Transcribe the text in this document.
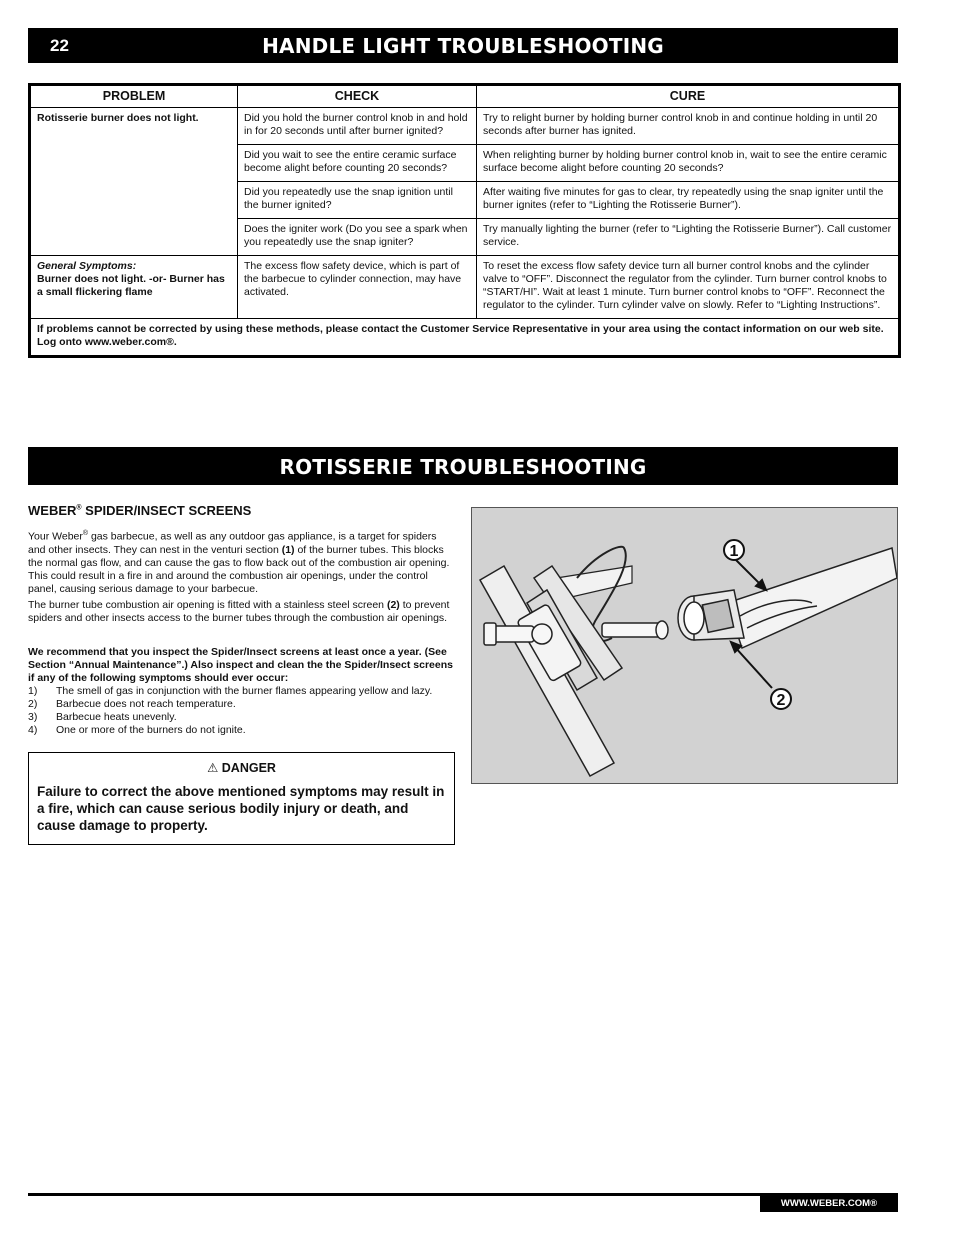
22	HANDLE LIGHT TROUBLESHOOTING
PROBLEM	CHECK	CURE
Rotisserie burner does not light.	Did you hold the burner control knob in and hold in for 20 seconds until after burner ignited?	Try to relight burner by holding burner control knob in and continue holding in until 20 seconds after burner has ignited.
	Did you wait to see the entire ceramic surface become alight before counting 20 seconds?	When relighting burner by holding burner control knob in, wait to see the entire ceramic surface become alight before counting 20 seconds?
	Did you repeatedly use the snap ignition until the burner ignited?	After waiting five minutes for gas to clear, try repeatedly using the snap igniter until the burner ignites (refer to “Lighting the Rotisserie Burner”).
	Does the igniter work (Do you see a spark when you repeatedly use the snap igniter?	Try manually lighting the burner (refer to “Lighting the Rotisserie Burner”). Call customer service.

General Symptoms:
Burner does not light. -or- Burner has a small flickering flame	The excess flow safety device, which is part of the barbecue to cylinder connection, may have activated.	To reset the excess flow safety device turn all burner control knobs and the cylinder valve to “OFF”. Disconnect the regulator from the cylinder. Turn burner control knobs to “START/HI”. Wait at least 1 minute. Turn burner control knobs to “OFF”. Reconnect the regulator to the cylinder. Turn cylinder valve on slowly. Refer to “Lighting Instructions”.
If problems cannot be corrected by using these methods, please contact the Customer Service Representative in your area using the contact information on our web site. Log onto www.weber.com®.		
ROTISSERIE TROUBLESHOOTING
WEBER® SPIDER/INSECT SCREENS

Your Weber® gas barbecue, as well as any outdoor gas appliance, is a target for spiders and other insects. They can nest in the venturi section (1) of the burner tubes. This blocks the normal gas flow, and can cause the gas to flow back out of the combustion air opening. This could result in a fire in and around the combustion air openings, under the control panel, causing serious damage to your barbecue.

The burner tube combustion air opening is fitted with a stainless steel screen (2) to prevent spiders and other insects access to the burner tubes through the combustion air openings.

We recommend that you inspect the Spider/Insect screens at least once a year. (See Section “Annual Maintenance”.) Also inspect and clean the the Spider/Insect screens if any of the following symptoms should ever occur:

1) The smell of gas in conjunction with the burner flames appearing yellow and lazy.
2) Barbecue does not reach temperature.
3) Barbecue heats unevenly.
4) One or more of the burners do not ignite.
⚠ DANGER
Failure to correct the above mentioned symptoms may result in a fire, which can cause serious bodily injury or death, and cause damage to property.
1
2
WWW.WEBER.COM®
